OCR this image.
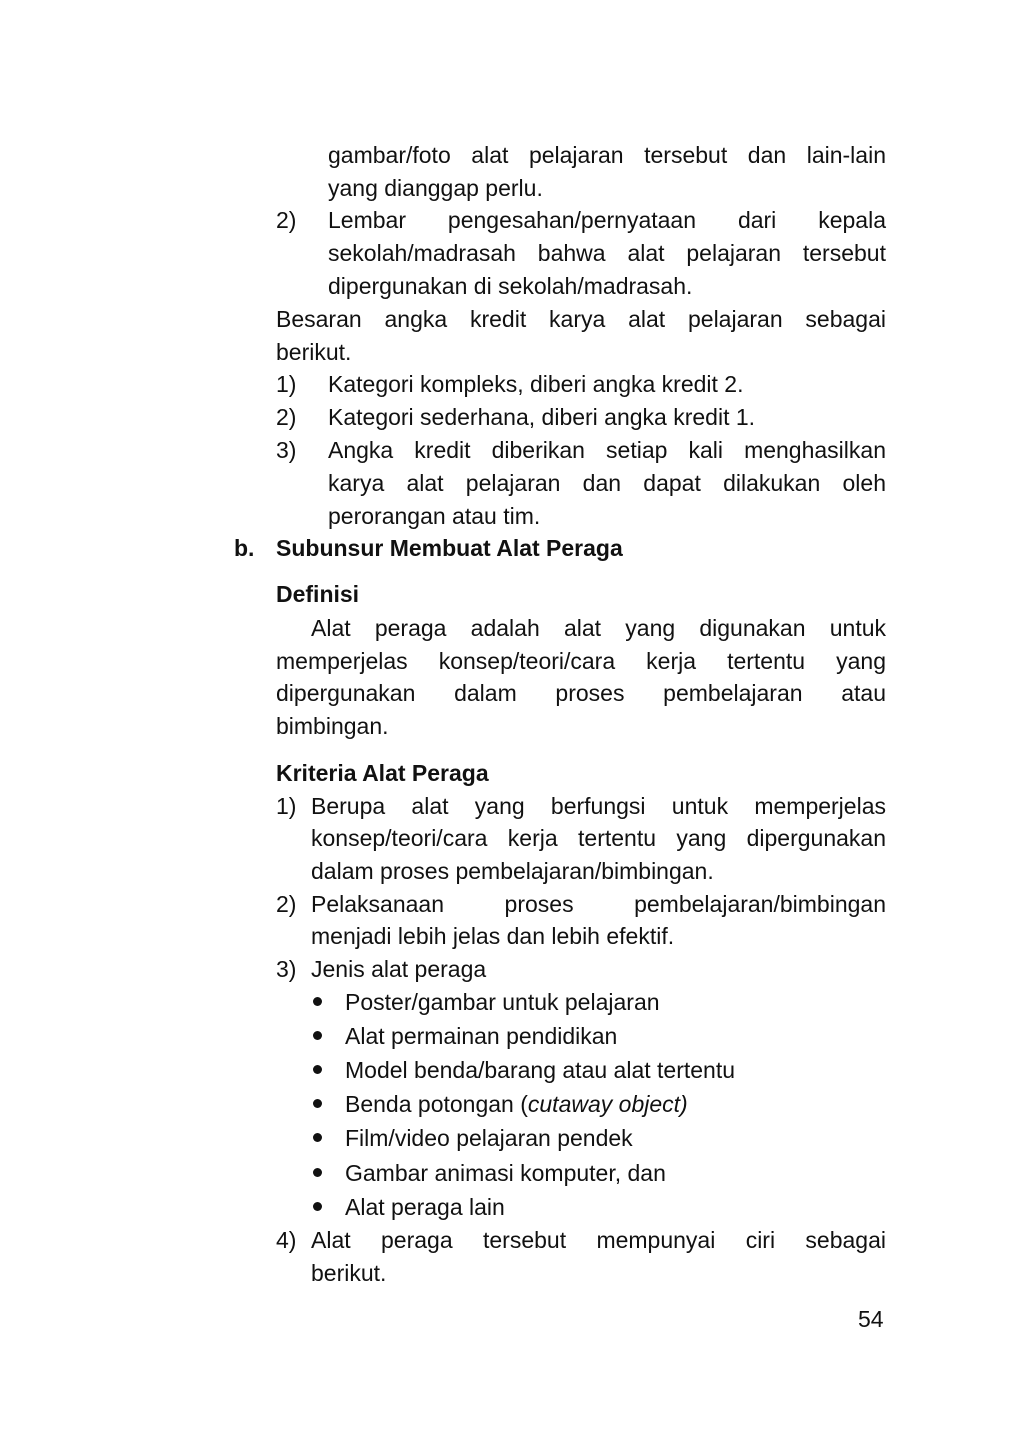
gambar/foto alat pelajaran tersebut dan lain-lain
yang dianggap perlu.
2) Lembar pengesahan/pernyataan dari kepala
sekolah/madrasah bahwa alat pelajaran tersebut
dipergunakan di sekolah/madrasah.
Besaran angka kredit karya alat pelajaran sebagai
berikut.
1) Kategori kompleks, diberi angka kredit 2.
2) Kategori sederhana, diberi angka kredit 1.
3) Angka kredit diberikan setiap kali menghasilkan
karya alat pelajaran dan dapat dilakukan oleh
perorangan atau tim.
b. Subunsur Membuat Alat Peraga
Definisi
Alat peraga adalah alat yang digunakan untuk
memperjelas konsep/teori/cara kerja tertentu yang
dipergunakan dalam proses pembelajaran atau
bimbingan.
Kriteria Alat Peraga
1) Berupa alat yang berfungsi untuk memperjelas
konsep/teori/cara kerja tertentu yang dipergunakan
dalam proses pembelajaran/bimbingan.
2) Pelaksanaan proses pembelajaran/bimbingan
menjadi lebih jelas dan lebih efektif.
3) Jenis alat peraga
Poster/gambar untuk pelajaran
Alat permainan pendidikan
Model benda/barang atau alat tertentu
Benda potongan (cutaway object)
Film/video pelajaran pendek
Gambar animasi komputer, dan
Alat peraga lain
4) Alat peraga tersebut mempunyai ciri sebagai
berikut.
54
